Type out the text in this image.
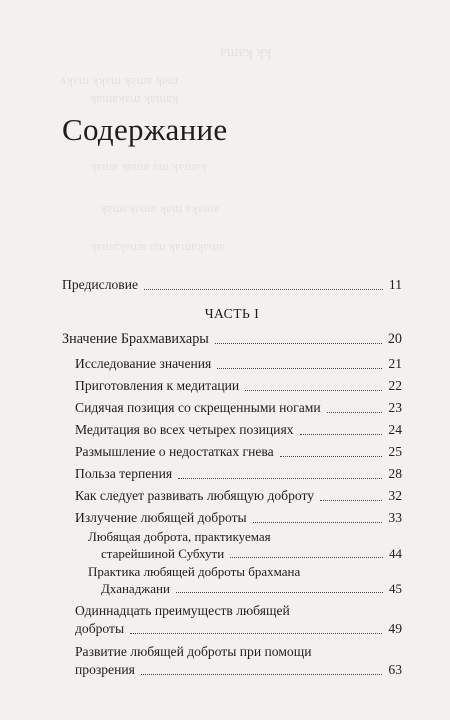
ɐɯɐʞ ʞʞ
ʎʞɐɯ ʞʞɐɯ ʞɐɯɐ ʞɐɯ
ʞɐɯɐʞɐɯ ʞɐɯɐʞ
ʞɐɯɐ ʞɐɯɐ ɐɯ ʞɐɯɐʞ
ʞɐɯɐʞɐɯɐ ʞɐɯ ɐʞɐɯɐ
ʞɐɯɐʞɐɯɐ ɐɯ ʞɐɯɐʞɐɯɐ
Содержание
Предисловие	11
ЧАСТЬ I
Значение Брахмавихары	20
Исследование значения	21
Приготовления к медитации	22
Сидячая позиция со скрещенными ногами	23
Медитация во всех четырех позициях	24
Размышление о недостатках гнева	25
Польза терпения	28
Как следует развивать любящую доброту	32
Излучение любящей доброты	33
Любящая доброта, практикуемая
старейшиной Субхути	44
Практика любящей доброты брахмана
Дханаджани	45
Одиннадцать преимуществ любящей
доброты	49
Развитие любящей доброты при помощи
прозрения	63
